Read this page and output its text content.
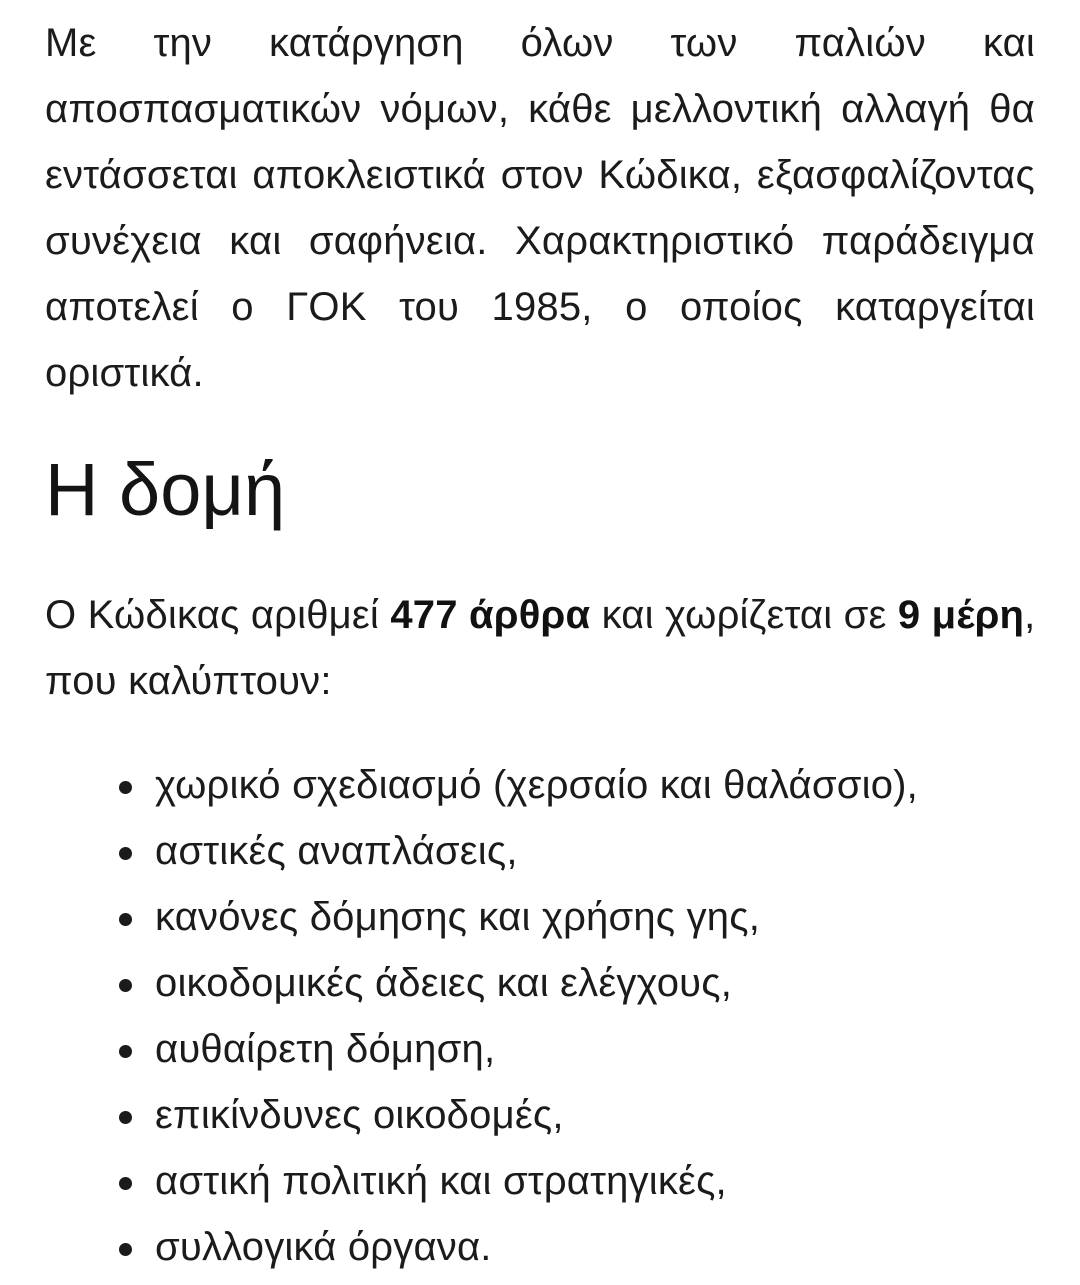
Με την κατάργηση όλων των παλιών και αποσπασματικών νόμων, κάθε μελλοντική αλλαγή θα εντάσσεται αποκλειστικά στον Κώδικα, εξασφαλίζοντας συνέχεια και σαφήνεια. Χαρακτηριστικό παράδειγμα αποτελεί ο ΓΟΚ του 1985, ο οποίος καταργείται οριστικά.

Η δομή

Ο Κώδικας αριθμεί 477 άρθρα και χωρίζεται σε 9 μέρη, που καλύπτουν:

χωρικό σχεδιασμό (χερσαίο και θαλάσσιο),
αστικές αναπλάσεις,
κανόνες δόμησης και χρήσης γης,
οικοδομικές άδειες και ελέγχους,
αυθαίρετη δόμηση,
επικίνδυνες οικοδομές,
αστική πολιτική και στρατηγικές,
συλλογικά όργανα.
